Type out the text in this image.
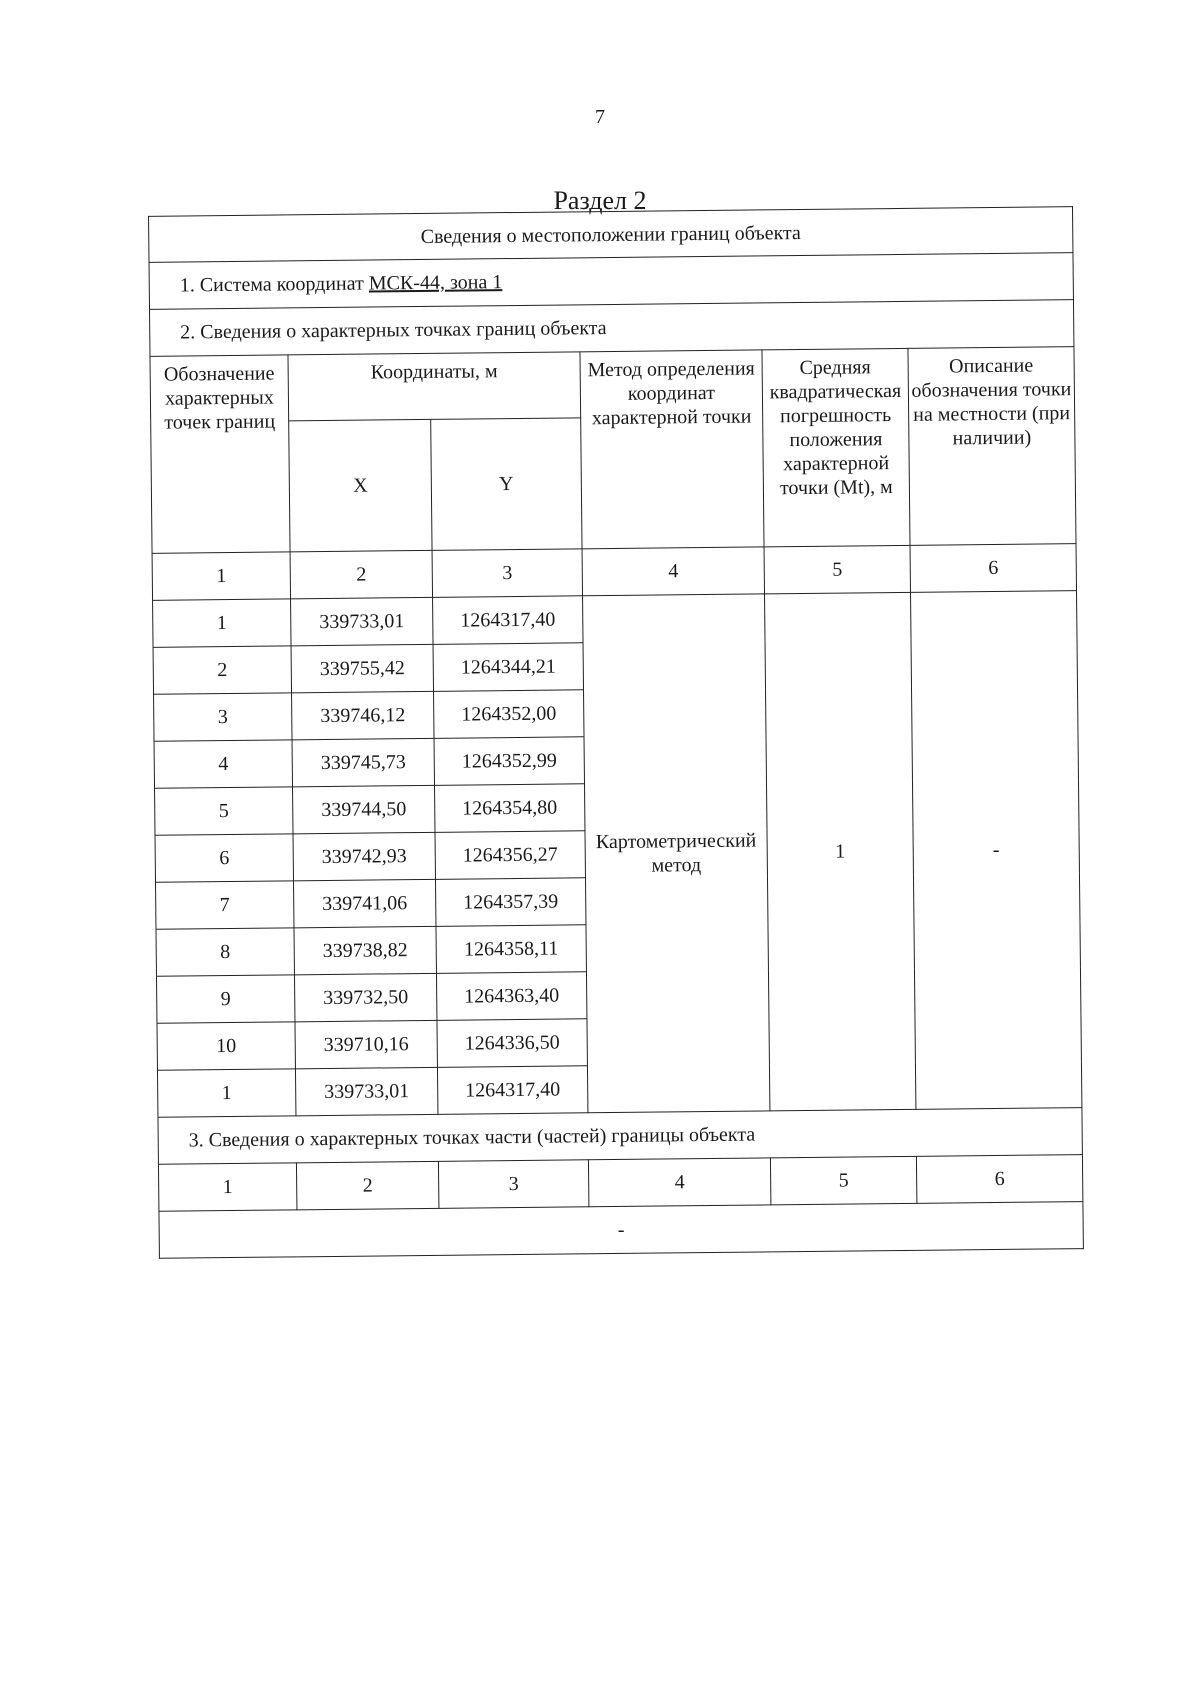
7
Раздел 2
Сведения о местоположении границ объекта					
1. Система координат МСК-44, зона 1					
2. Сведения о характерных точках границ объекта					
Обозначение характерных точек границ	Координаты, м		Метод определения координат характерной точки	Средняя квадратическая погрешность положения характерной точки (Mt), м	Описание обозначения точки на местности (при наличии)
	X	Y			
1	2	3	4	5	6
1	339733,01	1264317,40	Картометрический метод	1	-
2	339755,42	1264344,21			
3	339746,12	1264352,00			
4	339745,73	1264352,99			
5	339744,50	1264354,80			
6	339742,93	1264356,27			
7	339741,06	1264357,39			
8	339738,82	1264358,11			
9	339732,50	1264363,40			
10	339710,16	1264336,50			
1	339733,01	1264317,40			
3. Сведения о характерных точках части (частей) границы объекта					
1	2	3	4	5	6
-					
